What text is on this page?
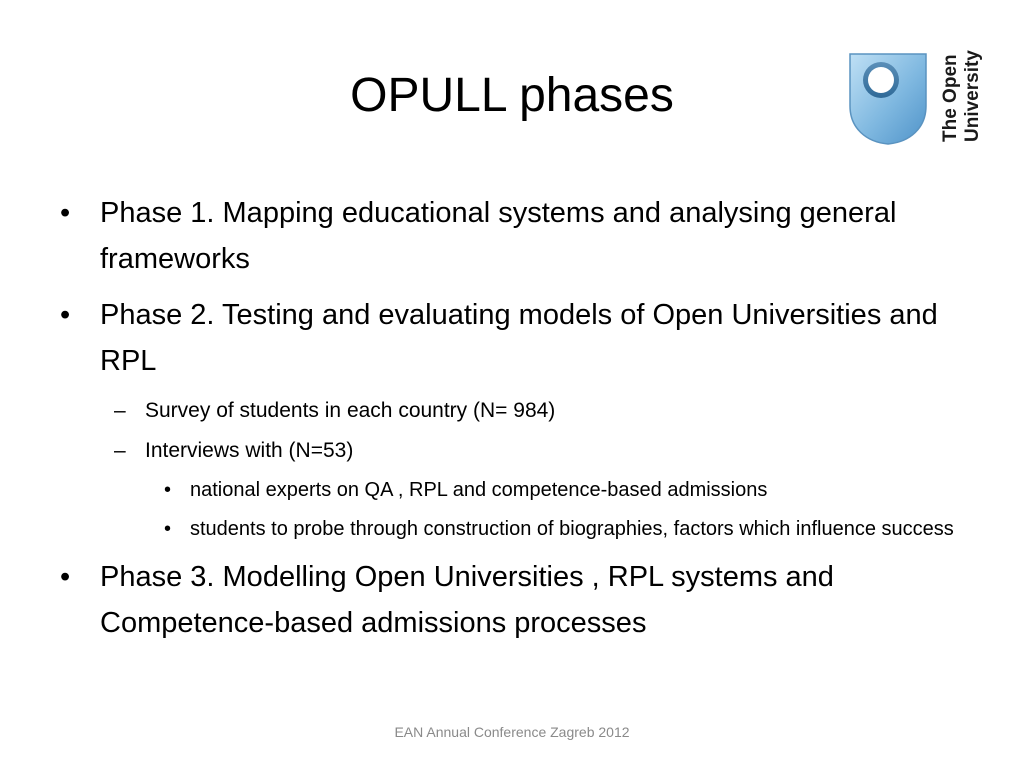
OPULL phases	The Open University
• Phase 1. Mapping educational systems and analysing general frameworks
• Phase 2. Testing and evaluating models of Open Universities and RPL
– Survey of students in each country (N= 984)
– Interviews with (N=53)
• national experts on QA , RPL and competence-based admissions
• students to probe through construction of biographies, factors which influence success
• Phase 3. Modelling Open Universities , RPL systems and Competence-based admissions processes
EAN Annual Conference Zagreb 2012
